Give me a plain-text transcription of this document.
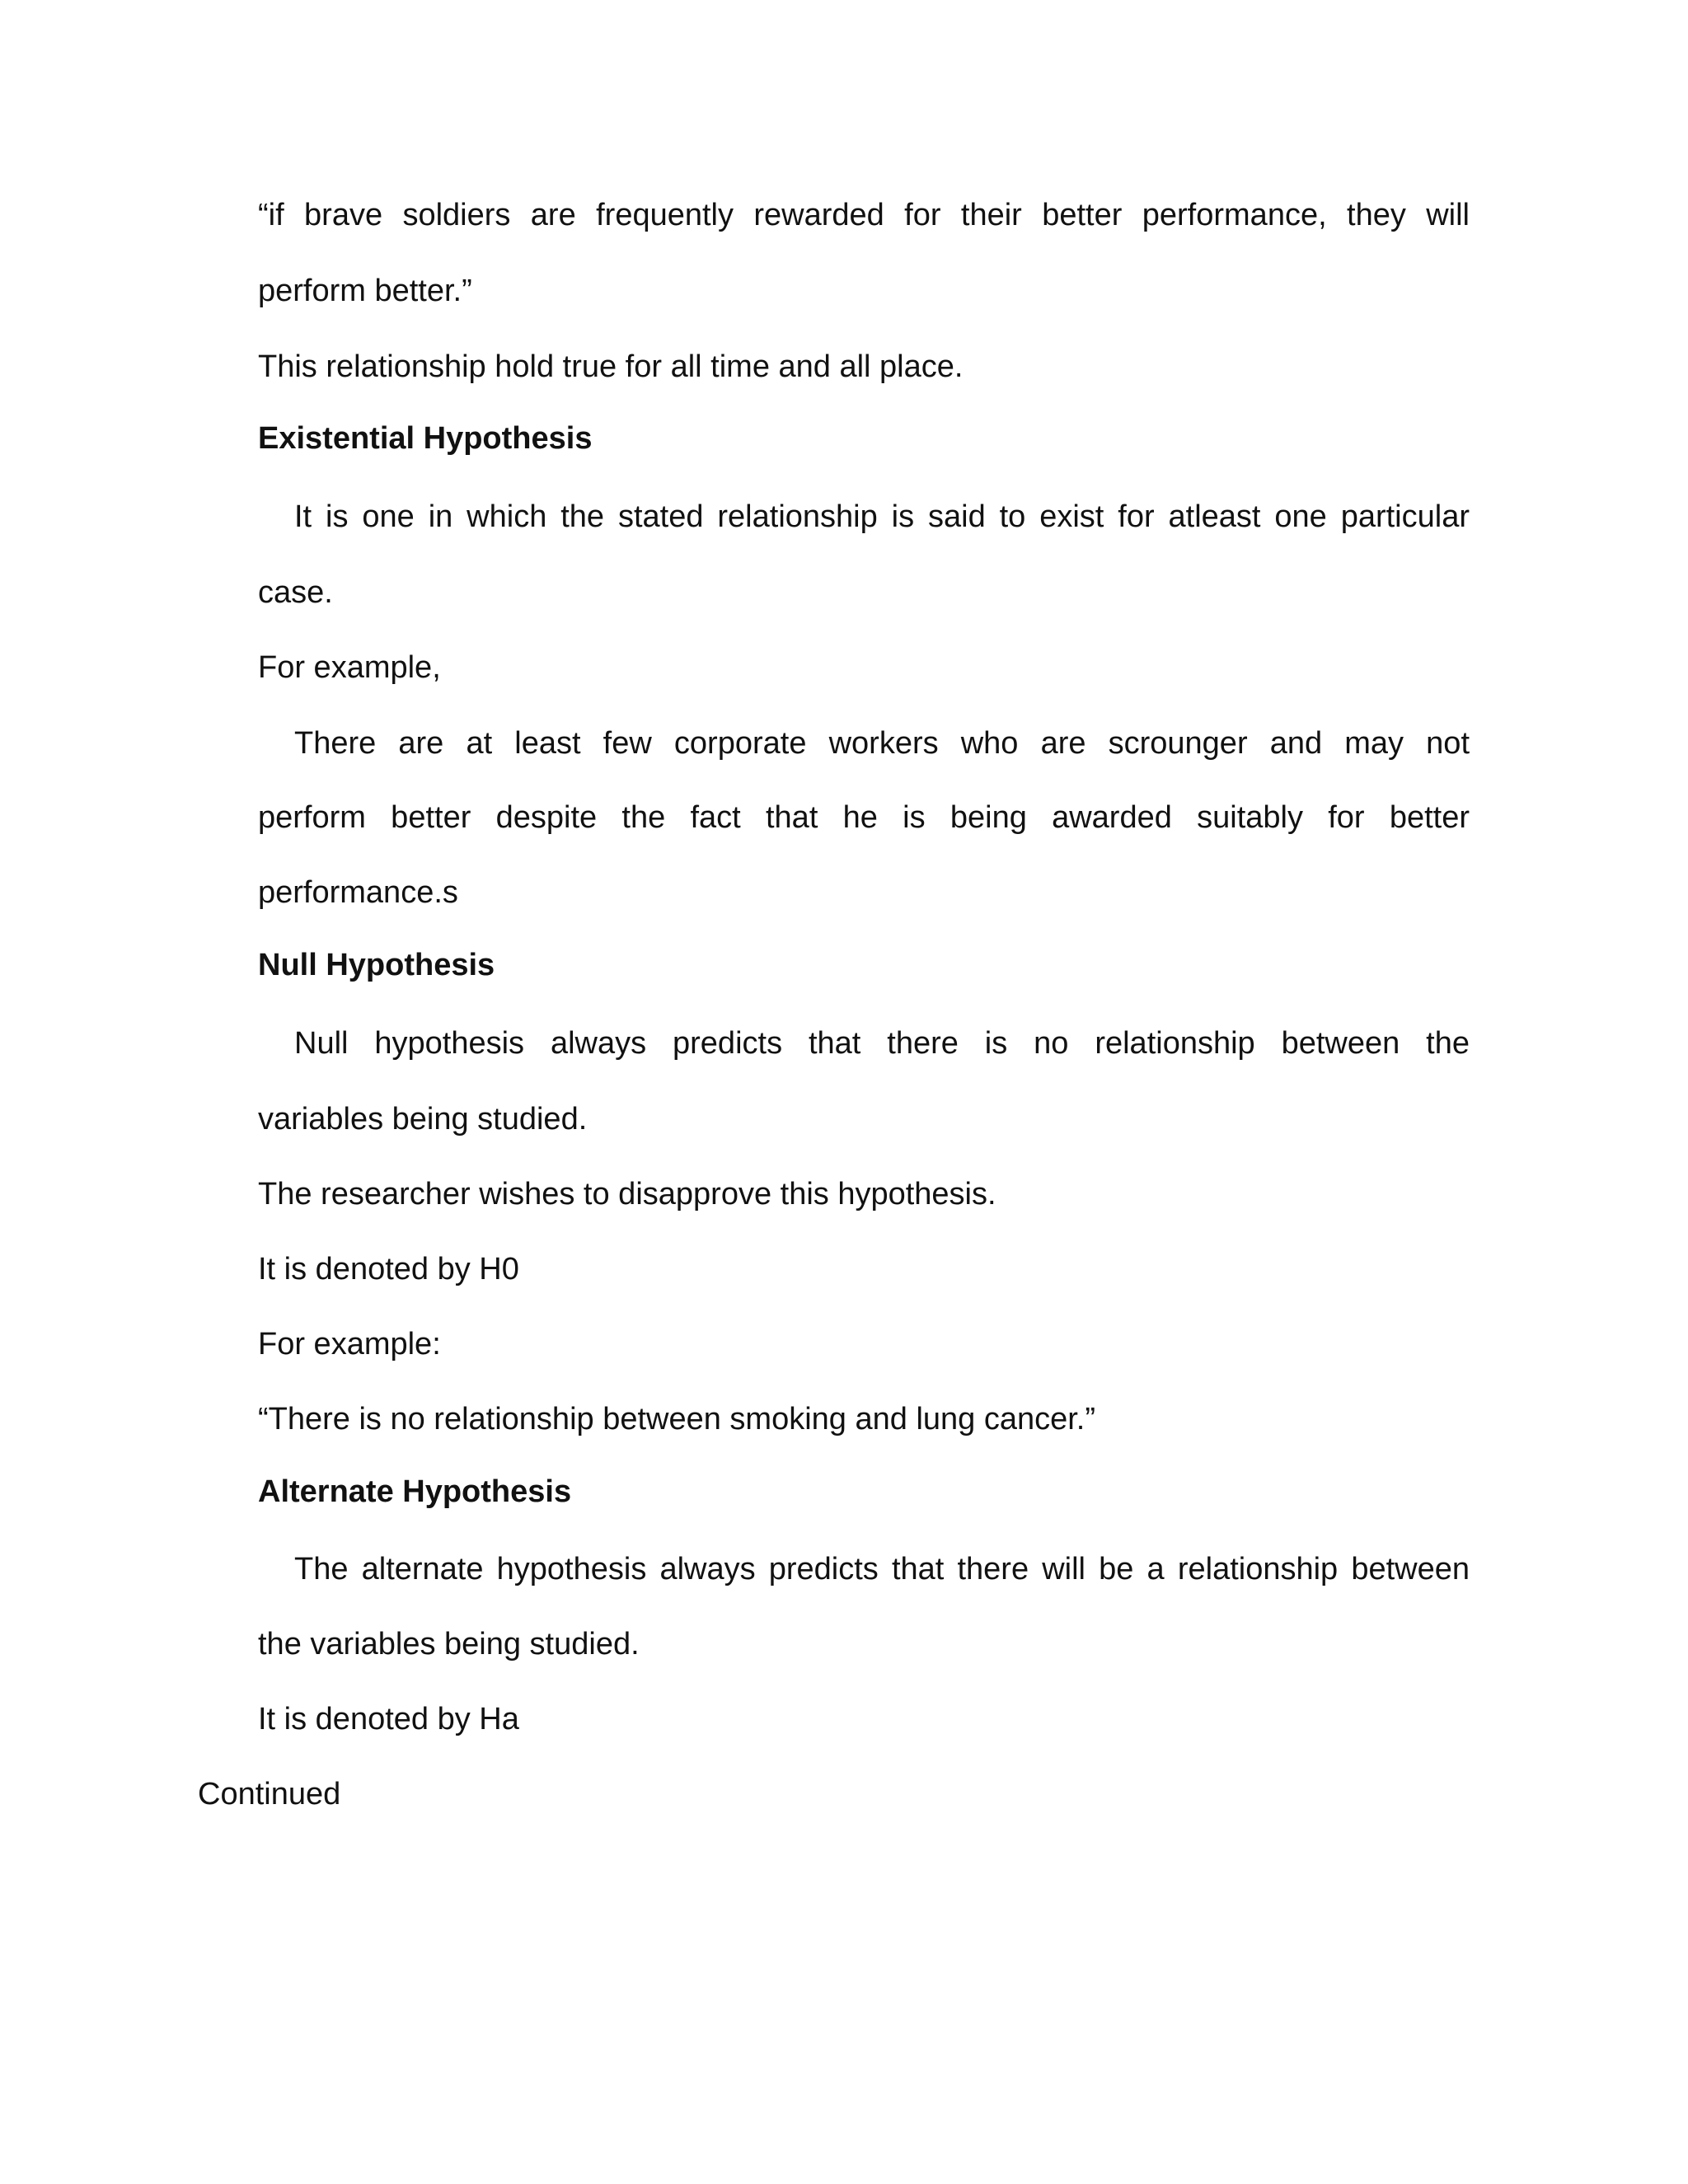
“if brave soldiers are frequently rewarded for their better performance, they will
perform better.”
This relationship hold true for all time and all place.
Existential Hypothesis
It is one in which the stated relationship is said to exist for atleast one particular
case.
For example,
There are at least few corporate workers who are scrounger and may not
perform better despite the fact that he is being awarded suitably for better
performance.s
Null Hypothesis
Null hypothesis always predicts that there is no relationship between the
variables being studied.
The researcher wishes to disapprove this hypothesis.
It is denoted by H0
For example:
“There is no relationship between smoking and lung cancer.”
Alternate Hypothesis
The alternate hypothesis always predicts that there will be a relationship between
the variables being studied.
It is denoted by Ha
Continued
